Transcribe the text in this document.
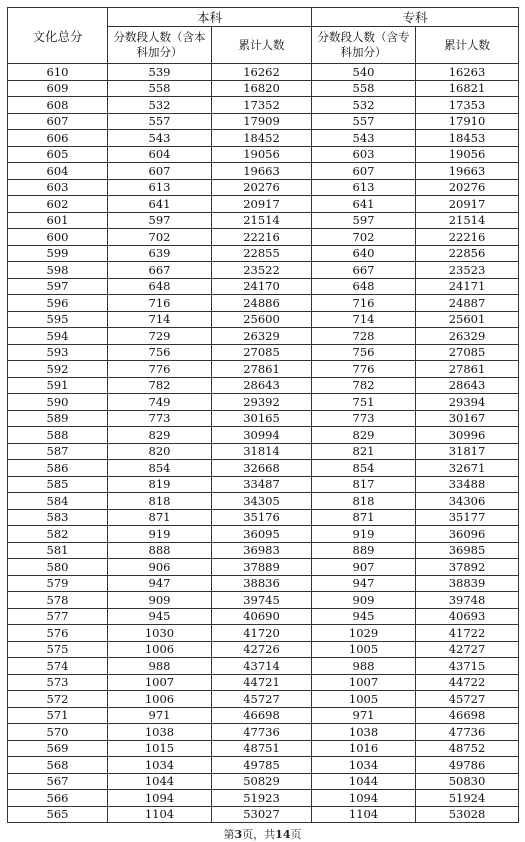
文化总分	本科		专科	
	分数段人数（含本科加分）	累计人数	分数段人数（含专科加分）	累计人数
610	539	16262	540	16263
609	558	16820	558	16821
608	532	17352	532	17353
607	557	17909	557	17910
606	543	18452	543	18453
605	604	19056	603	19056
604	607	19663	607	19663
603	613	20276	613	20276
602	641	20917	641	20917
601	597	21514	597	21514
600	702	22216	702	22216
599	639	22855	640	22856
598	667	23522	667	23523
597	648	24170	648	24171
596	716	24886	716	24887
595	714	25600	714	25601
594	729	26329	728	26329
593	756	27085	756	27085
592	776	27861	776	27861
591	782	28643	782	28643
590	749	29392	751	29394
589	773	30165	773	30167
588	829	30994	829	30996
587	820	31814	821	31817
586	854	32668	854	32671
585	819	33487	817	33488
584	818	34305	818	34306
583	871	35176	871	35177
582	919	36095	919	36096
581	888	36983	889	36985
580	906	37889	907	37892
579	947	38836	947	38839
578	909	39745	909	39748
577	945	40690	945	40693
576	1030	41720	1029	41722
575	1006	42726	1005	42727
574	988	43714	988	43715
573	1007	44721	1007	44722
572	1006	45727	1005	45727
571	971	46698	971	46698
570	1038	47736	1038	47736
569	1015	48751	1016	48752
568	1034	49785	1034	49786
567	1044	50829	1044	50830
566	1094	51923	1094	51924
565	1104	53027	1104	53028
第3页，共14页
